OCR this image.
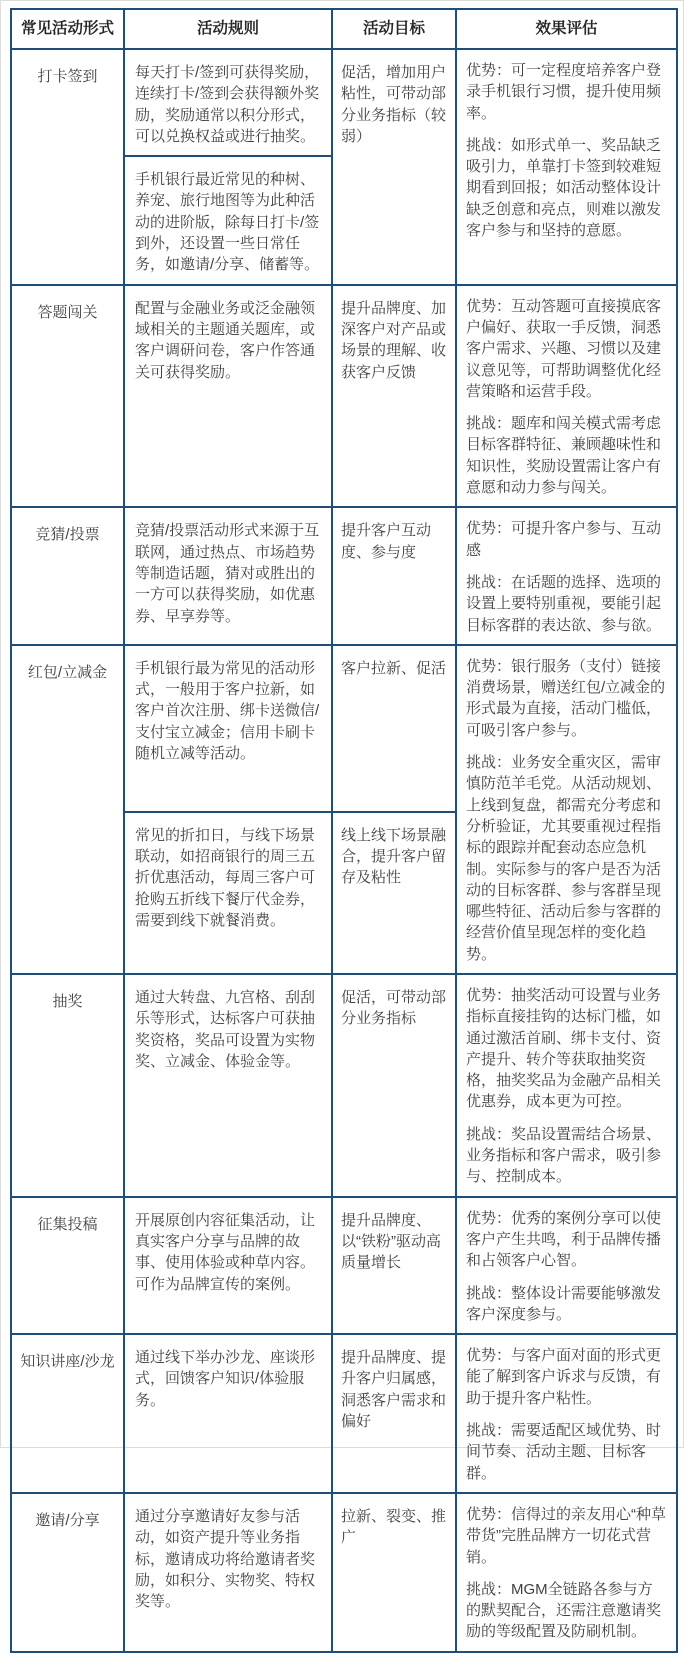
常见活动形式	活动规则	活动目标	效果评估
打卡签到	每天打卡/签到可获得奖励，连续打卡/签到会获得额外奖励，奖励通常以积分形式，可以兑换权益或进行抽奖。	促活，增加用户粘性，可带动部分业务指标（较弱）	优势：可一定程度培养客户登录手机银行习惯，提升使用频率。

挑战：如形式单一、奖品缺乏吸引力，单靠打卡签到较难短期看到回报；如活动整体设计缺乏创意和亮点，则难以激发客户参与和坚持的意愿。

	手机银行最近常见的种树、养宠、旅行地图等为此种活动的进阶版，除每日打卡/签到外，还设置一些日常任务，如邀请/分享、储蓄等。		
答题闯关	配置与金融业务或泛金融领域相关的主题通关题库，或客户调研问卷，客户作答通关可获得奖励。	提升品牌度、加深客户对产品或场景的理解、收获客户反馈	优势：互动答题可直接摸底客户偏好、获取一手反馈，洞悉客户需求、兴趣、习惯以及建议意见等，可帮助调整优化经营策略和运营手段。

挑战：题库和闯关模式需考虑目标客群特征、兼顾趣味性和知识性，奖励设置需让客户有意愿和动力参与闯关。

竞猜/投票	竞猜/投票活动形式来源于互联网，通过热点、市场趋势等制造话题，猜对或胜出的一方可以获得奖励，如优惠券、早享券等。	提升客户互动度、参与度	优势：可提升客户参与、互动感

挑战：在话题的选择、选项的设置上要特别重视，要能引起目标客群的表达欲、参与欲。

红包/立减金	手机银行最为常见的活动形式，一般用于客户拉新，如客户首次注册、绑卡送微信/支付宝立减金；信用卡刷卡随机立减等活动。	客户拉新、促活	优势：银行服务（支付）链接消费场景，赠送红包/立减金的形式最为直接，活动门槛低，可吸引客户参与。

挑战：业务安全重灾区，需审慎防范羊毛党。从活动规划、上线到复盘，都需充分考虑和分析验证，尤其要重视过程指标的跟踪并配套动态应急机制。实际参与的客户是否为活动的目标客群、参与客群呈现哪些特征、活动后参与客群的经营价值呈现怎样的变化趋势。

	常见的折扣日，与线下场景联动，如招商银行的周三五折优惠活动，每周三客户可抢购五折线下餐厅代金券，需要到线下就餐消费。	线上线下场景融合，提升客户留存及粘性	
抽奖	通过大转盘、九宫格、刮刮乐等形式，达标客户可获抽奖资格，奖品可设置为实物奖、立减金、体验金等。	促活，可带动部分业务指标	优势：抽奖活动可设置与业务指标直接挂钩的达标门槛，如通过激活首刷、绑卡支付、资产提升、转介等获取抽奖资格，抽奖奖品为金融产品相关优惠券，成本更为可控。

挑战：奖品设置需结合场景、业务指标和客户需求，吸引参与、控制成本。

征集投稿	开展原创内容征集活动，让真实客户分享与品牌的故事、使用体验或种草内容。可作为品牌宣传的案例。	提升品牌度、以“铁粉”驱动高质量增长	优势：优秀的案例分享可以使客户产生共鸣，利于品牌传播和占领客户心智。

挑战：整体设计需要能够激发客户深度参与。

知识讲座/沙龙	通过线下举办沙龙、座谈形式，回馈客户知识/体验服务。	提升品牌度、提升客户归属感，洞悉客户需求和偏好	优势：与客户面对面的形式更能了解到客户诉求与反馈，有助于提升客户粘性。

挑战：需要适配区域优势、时间节奏、活动主题、目标客群。

邀请/分享	通过分享邀请好友参与活动，如资产提升等业务指标，邀请成功将给邀请者奖励，如积分、实物奖、特权奖等。	拉新、裂变、推广	优势：信得过的亲友用心“种草带货”完胜品牌方一切花式营销。

挑战：MGM全链路各参与方的默契配合，还需注意邀请奖励的等级配置及防刷机制。
